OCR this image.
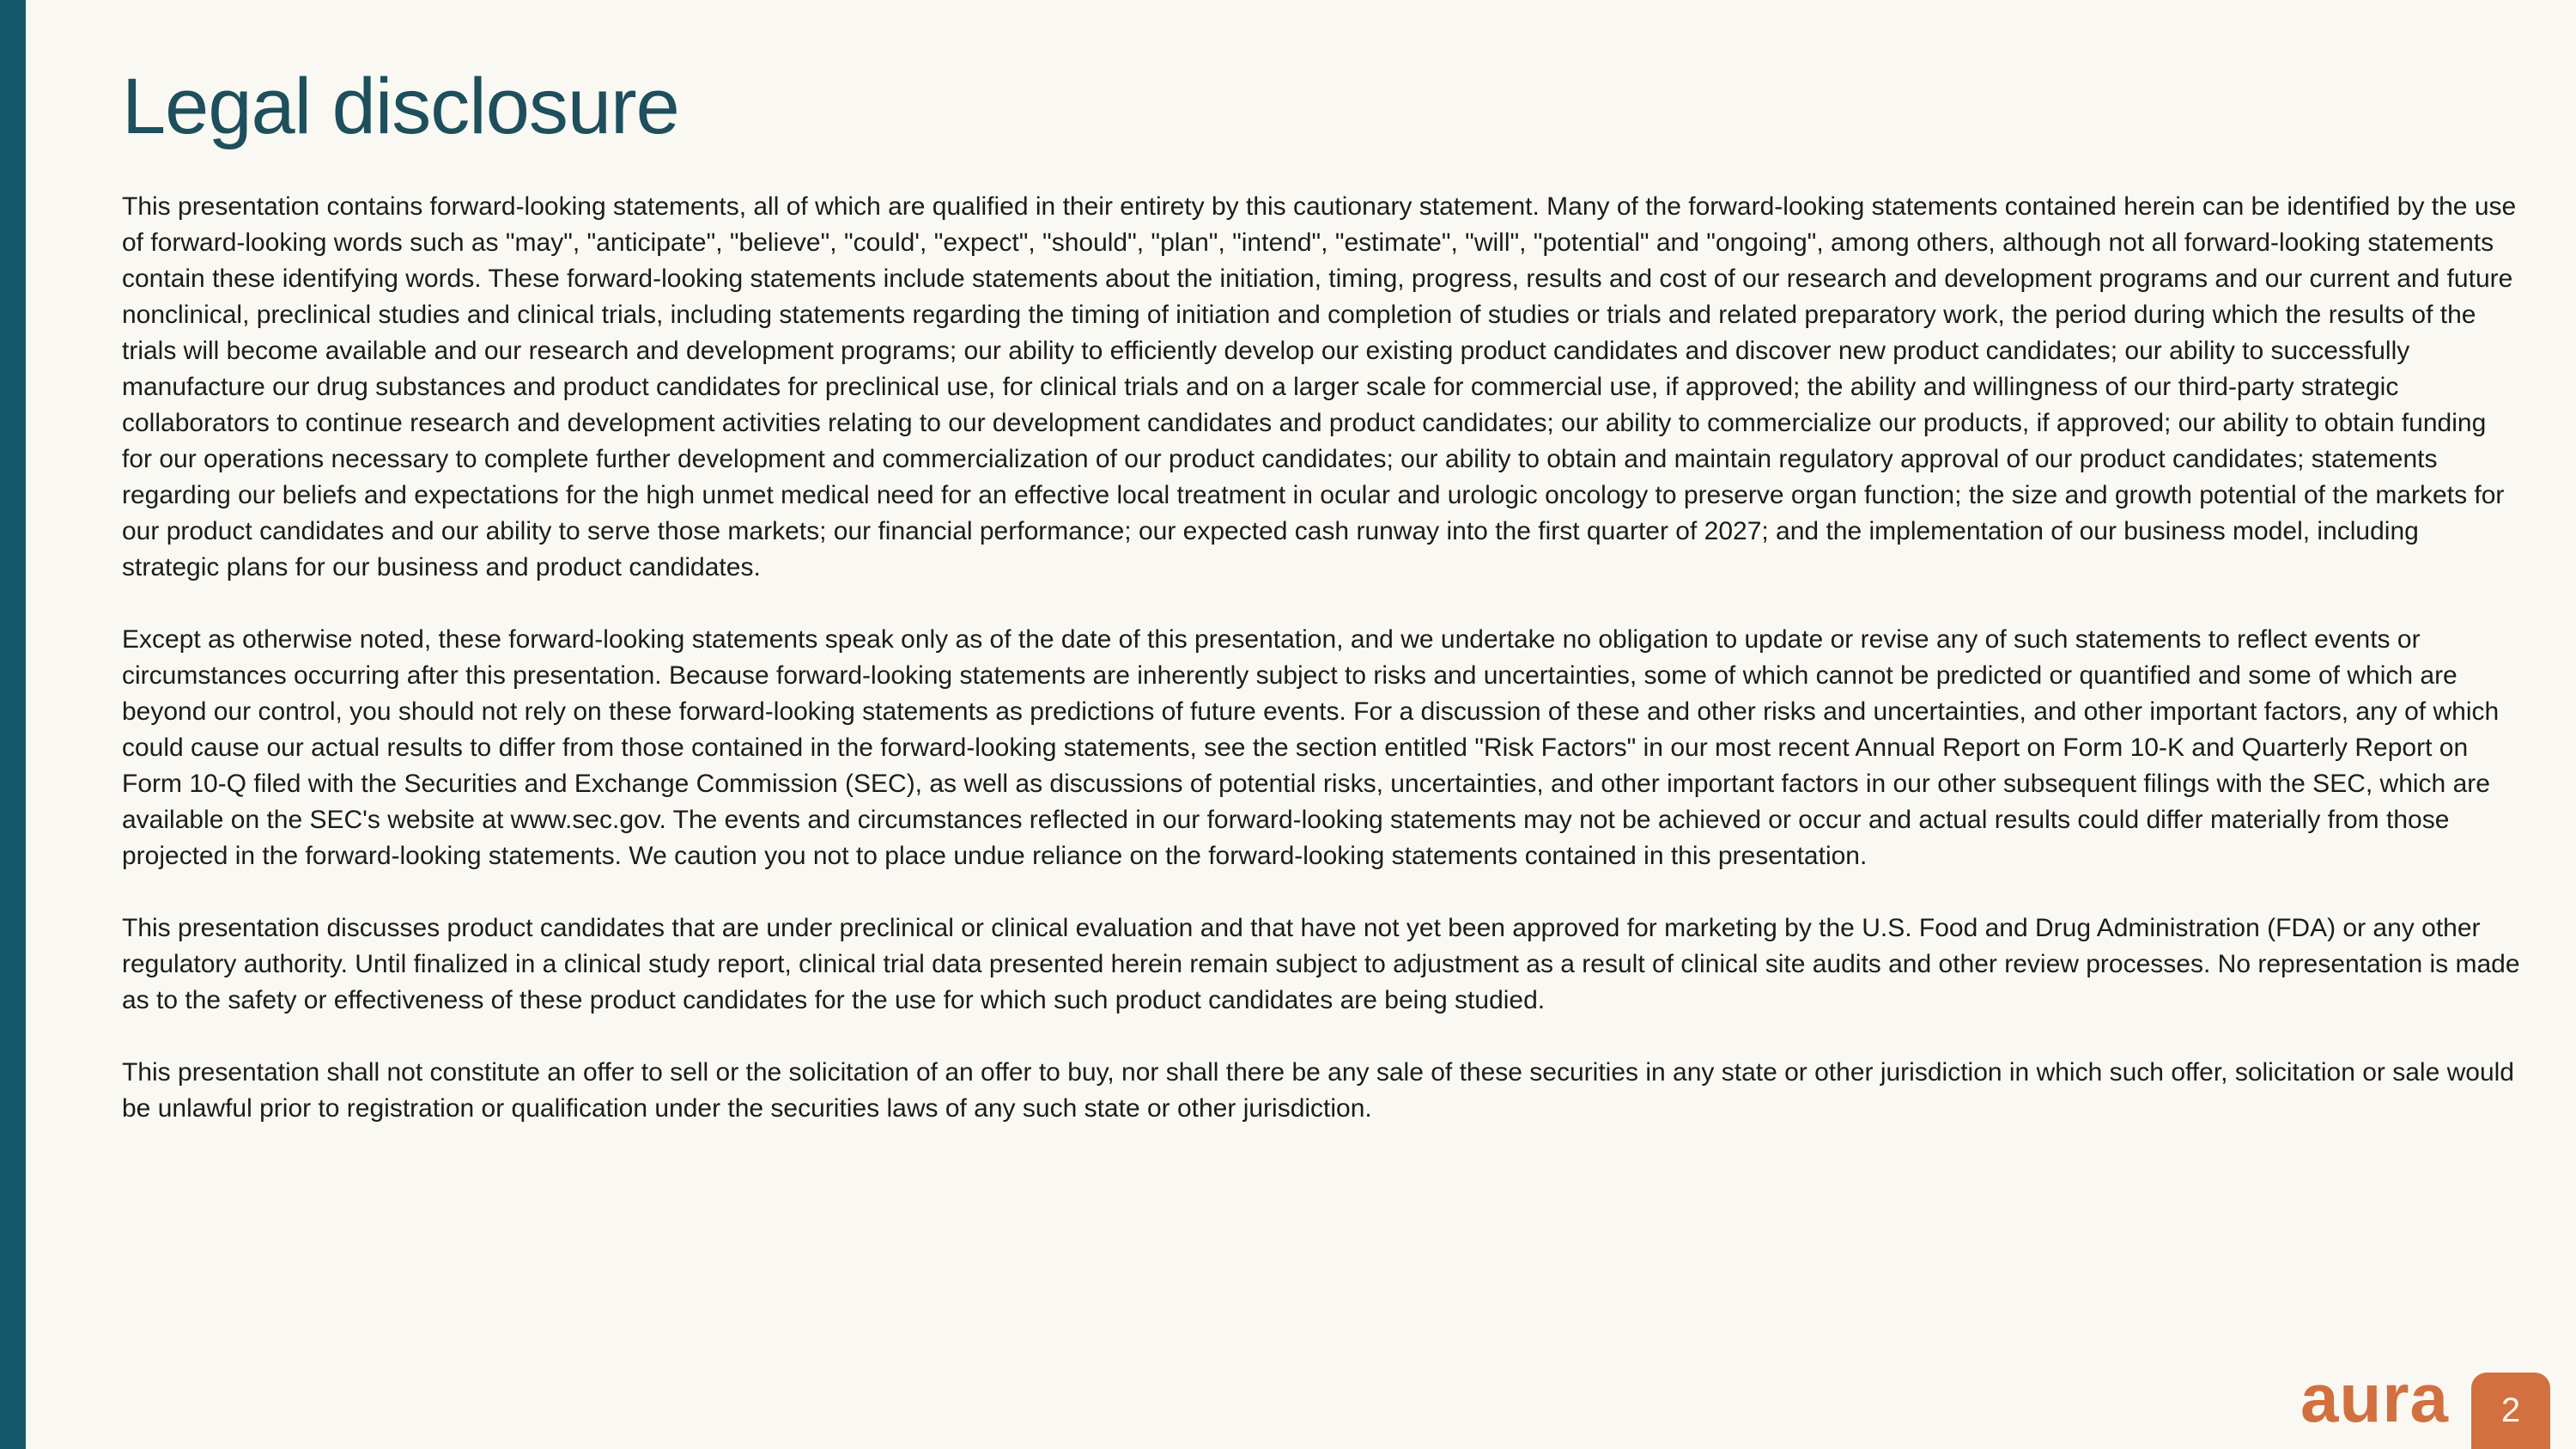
Legal disclosure

This presentation contains forward-looking statements, all of which are qualified in their entirety by this cautionary statement. Many of the forward-looking statements contained herein can be identified by the use of forward-looking words such as "may", "anticipate", "believe", "could', "expect", "should", "plan", "intend", "estimate", "will", "potential" and "ongoing", among others, although not all forward-looking statements contain these identifying words. These forward-looking statements include statements about the initiation, timing, progress, results and cost of our research and development programs and our current and future nonclinical, preclinical studies and clinical trials, including statements regarding the timing of initiation and completion of studies or trials and related preparatory work, the period during which the results of the trials will become available and our research and development programs; our ability to efficiently develop our existing product candidates and discover new product candidates; our ability to successfully manufacture our drug substances and product candidates for preclinical use, for clinical trials and on a larger scale for commercial use, if approved; the ability and willingness of our third-party strategic collaborators to continue research and development activities relating to our development candidates and product candidates; our ability to commercialize our products, if approved; our ability to obtain funding for our operations necessary to complete further development and commercialization of our product candidates; our ability to obtain and maintain regulatory approval of our product candidates; statements regarding our beliefs and expectations for the high unmet medical need for an effective local treatment in ocular and urologic oncology to preserve organ function; the size and growth potential of the markets for our product candidates and our ability to serve those markets; our financial performance; our expected cash runway into the first quarter of 2027; and the implementation of our business model, including strategic plans for our business and product candidates.

Except as otherwise noted, these forward-looking statements speak only as of the date of this presentation, and we undertake no obligation to update or revise any of such statements to reflect events or circumstances occurring after this presentation. Because forward-looking statements are inherently subject to risks and uncertainties, some of which cannot be predicted or quantified and some of which are beyond our control, you should not rely on these forward-looking statements as predictions of future events. For a discussion of these and other risks and uncertainties, and other important factors, any of which could cause our actual results to differ from those contained in the forward-looking statements, see the section entitled "Risk Factors" in our most recent Annual Report on Form 10-K and Quarterly Report on Form 10-Q filed with the Securities and Exchange Commission (SEC), as well as discussions of potential risks, uncertainties, and other important factors in our other subsequent filings with the SEC, which are available on the SEC's website at www.sec.gov. The events and circumstances reflected in our forward-looking statements may not be achieved or occur and actual results could differ materially from those projected in the forward-looking statements. We caution you not to place undue reliance on the forward-looking statements contained in this presentation.

This presentation discusses product candidates that are under preclinical or clinical evaluation and that have not yet been approved for marketing by the U.S. Food and Drug Administration (FDA) or any other regulatory authority. Until finalized in a clinical study report, clinical trial data presented herein remain subject to adjustment as a result of clinical site audits and other review processes. No representation is made as to the safety or effectiveness of these product candidates for the use for which such product candidates are being studied.

This presentation shall not constitute an offer to sell or the solicitation of an offer to buy, nor shall there be any sale of these securities in any state or other jurisdiction in which such offer, solicitation or sale would be unlawful prior to registration or qualification under the securities laws of any such state or other jurisdiction.

aura 2
